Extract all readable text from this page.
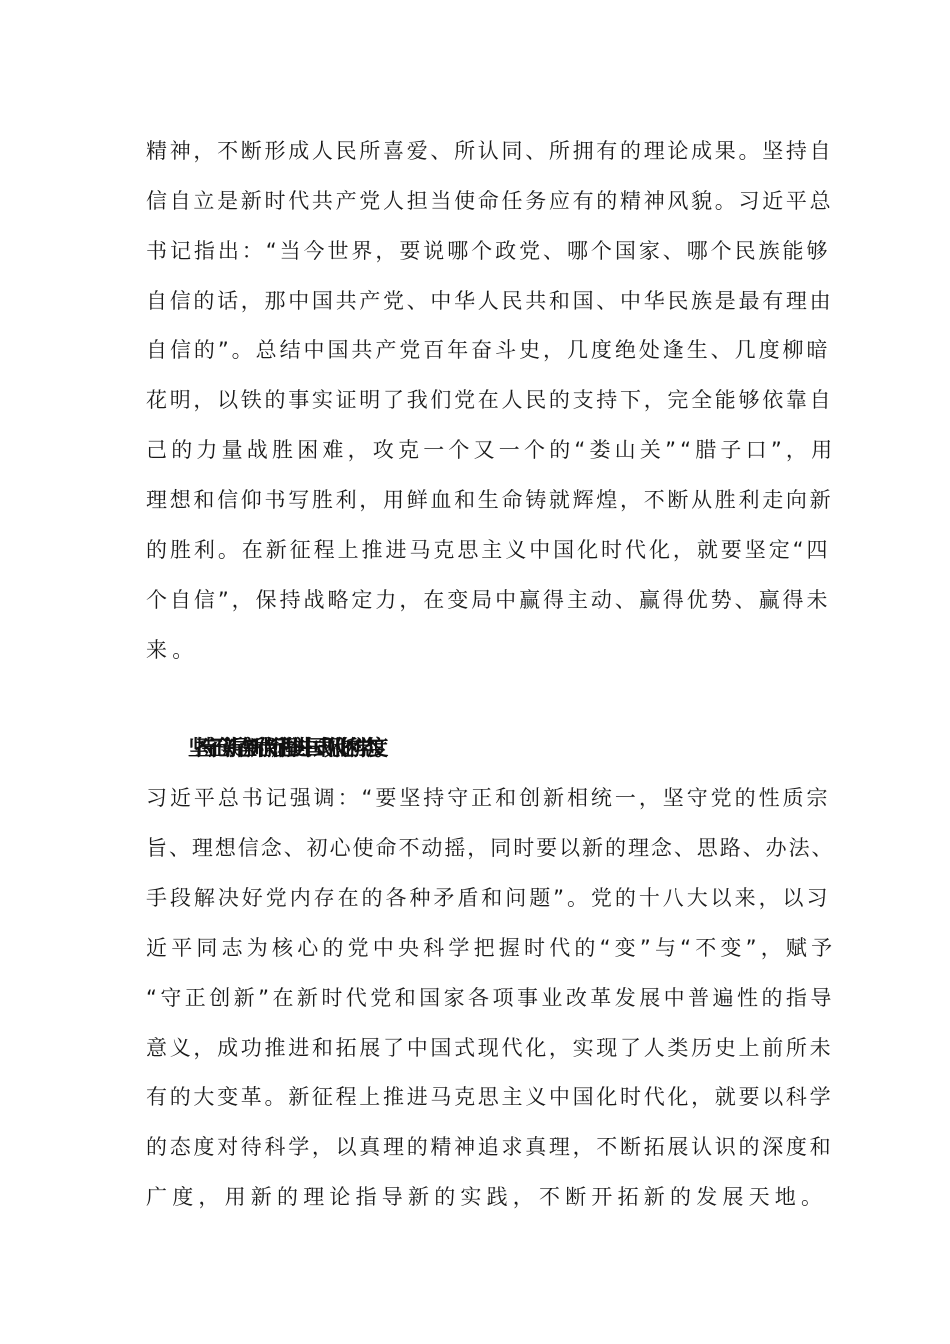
精神，不断形成人民所喜爱、所认同、所拥有的理论成果。坚持自
信自立是新时代共产党人担当使命任务应有的精神风貌。习近平总
书记指出：“当今世界，要说哪个政党、哪个国家、哪个民族能够
自信的话，那中国共产党、中华人民共和国、中华民族是最有理由
自信的”。总结中国共产党百年奋斗史，几度绝处逢生、几度柳暗
花明，以铁的事实证明了我们党在人民的支持下，完全能够依靠自
己的力量战胜困难，攻克一个又一个的“娄山关”“腊子口”，用
理想和信仰书写胜利，用鲜血和生命铸就辉煌，不断从胜利走向新
的胜利。在新征程上推进马克思主义中国化时代化，就要坚定“四
个自信”，保持战略定力，在变局中赢得主动、赢得优势、赢得未
来。
坚持守正创新是在新时代新征程推进中国式现代化的科学态度。
习近平总书记强调：“要坚持守正和创新相统一，坚守党的性质宗
旨、理想信念、初心使命不动摇，同时要以新的理念、思路、办法、
手段解决好党内存在的各种矛盾和问题”。党的十八大以来，以习
近平同志为核心的党中央科学把握时代的“变”与“不变”，赋予
“守正创新”在新时代党和国家各项事业改革发展中普遍性的指导
意义，成功推进和拓展了中国式现代化，实现了人类历史上前所未
有的大变革。新征程上推进马克思主义中国化时代化，就要以科学
的态度对待科学，以真理的精神追求真理，不断拓展认识的深度和
广度，用新的理论指导新的实践，不断开拓新的发展天地。
